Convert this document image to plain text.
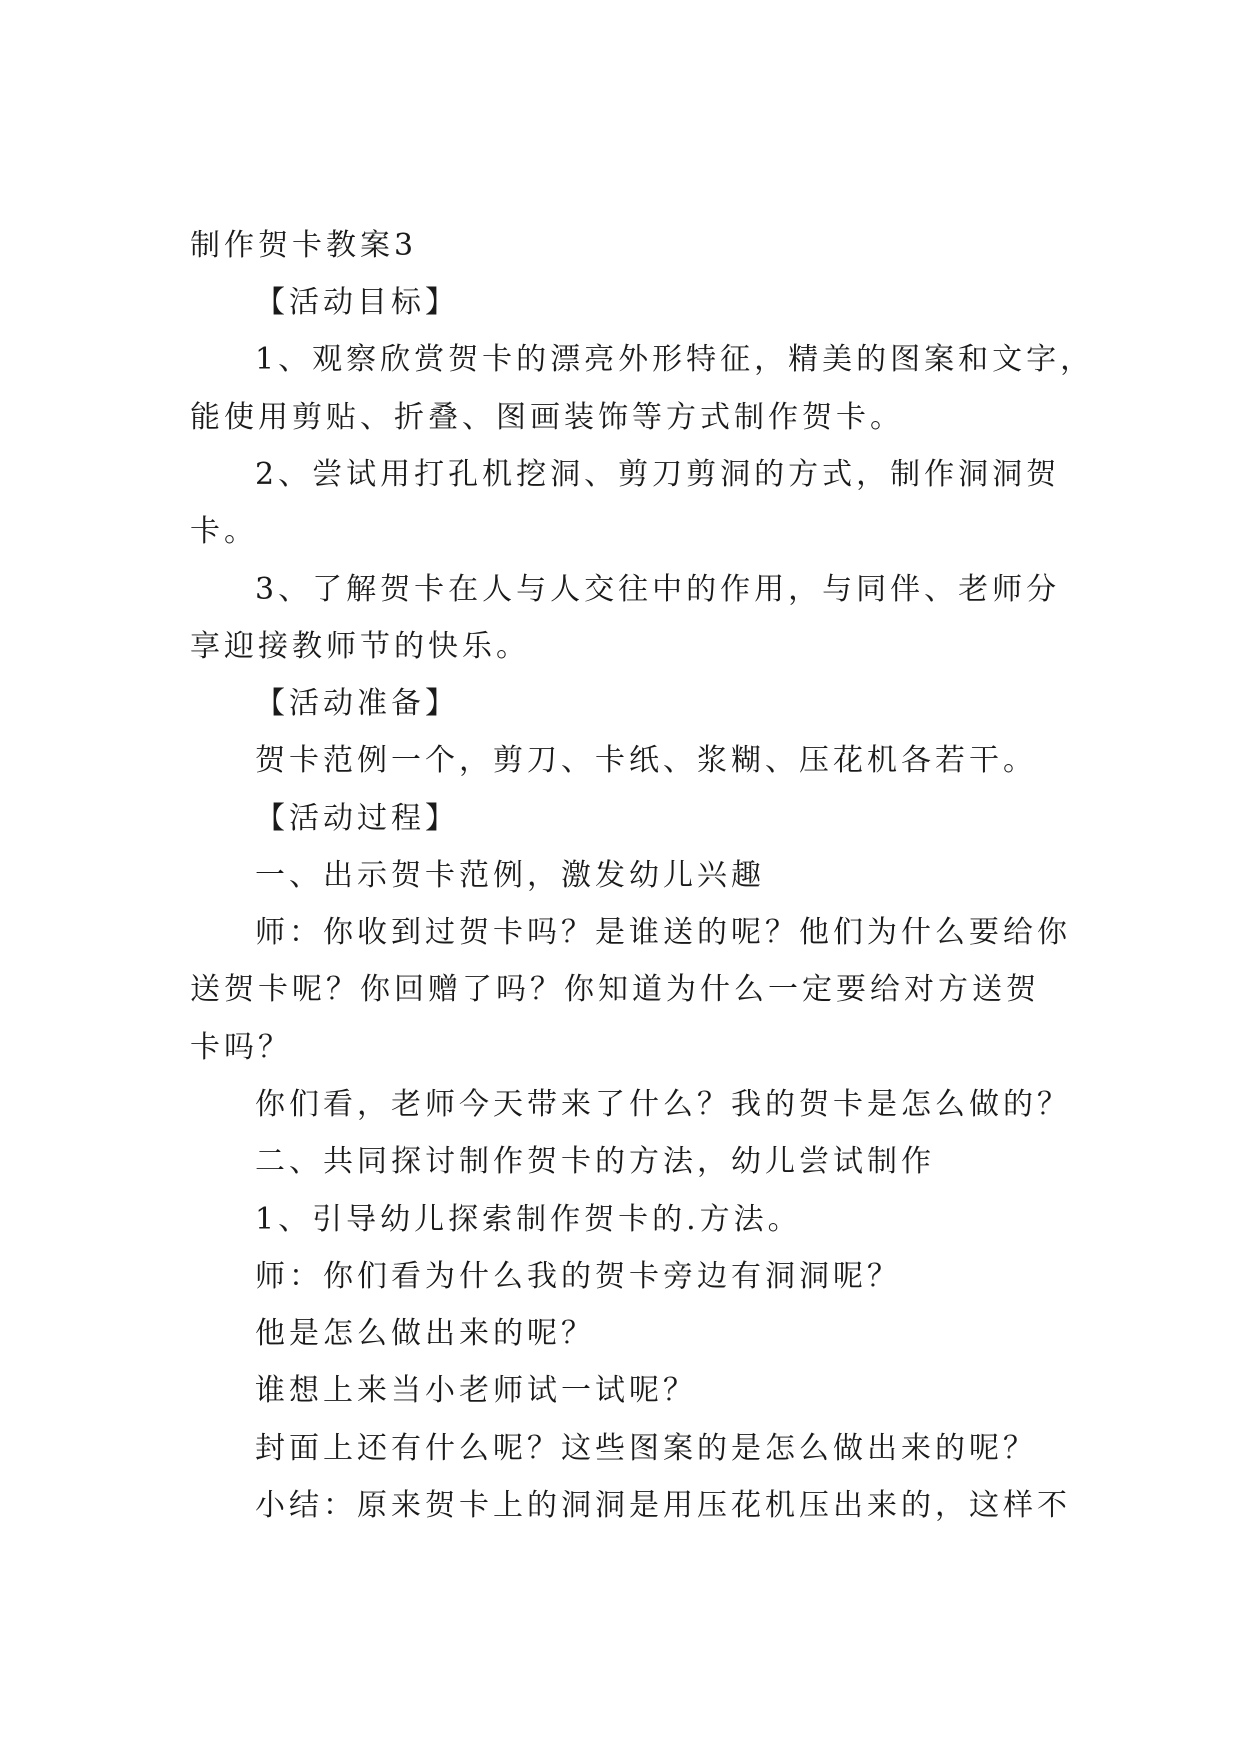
制作贺卡教案3
【活动目标】
1、观察欣赏贺卡的漂亮外形特征，精美的图案和文字，
能使用剪贴、折叠、图画装饰等方式制作贺卡。
2、尝试用打孔机挖洞、剪刀剪洞的方式，制作洞洞贺
卡。
3、了解贺卡在人与人交往中的作用，与同伴、老师分
享迎接教师节的快乐。
【活动准备】
贺卡范例一个，剪刀、卡纸、浆糊、压花机各若干。
【活动过程】
一、出示贺卡范例，激发幼儿兴趣
师：你收到过贺卡吗？是谁送的呢？他们为什么要给你
送贺卡呢？你回赠了吗？你知道为什么一定要给对方送贺
卡吗？
你们看，老师今天带来了什么？我的贺卡是怎么做的？
二、共同探讨制作贺卡的方法，幼儿尝试制作
1、引导幼儿探索制作贺卡的.方法。
师：你们看为什么我的贺卡旁边有洞洞呢？
他是怎么做出来的呢？
谁想上来当小老师试一试呢？
封面上还有什么呢？这些图案的是怎么做出来的呢？
小结：原来贺卡上的洞洞是用压花机压出来的，这样不
